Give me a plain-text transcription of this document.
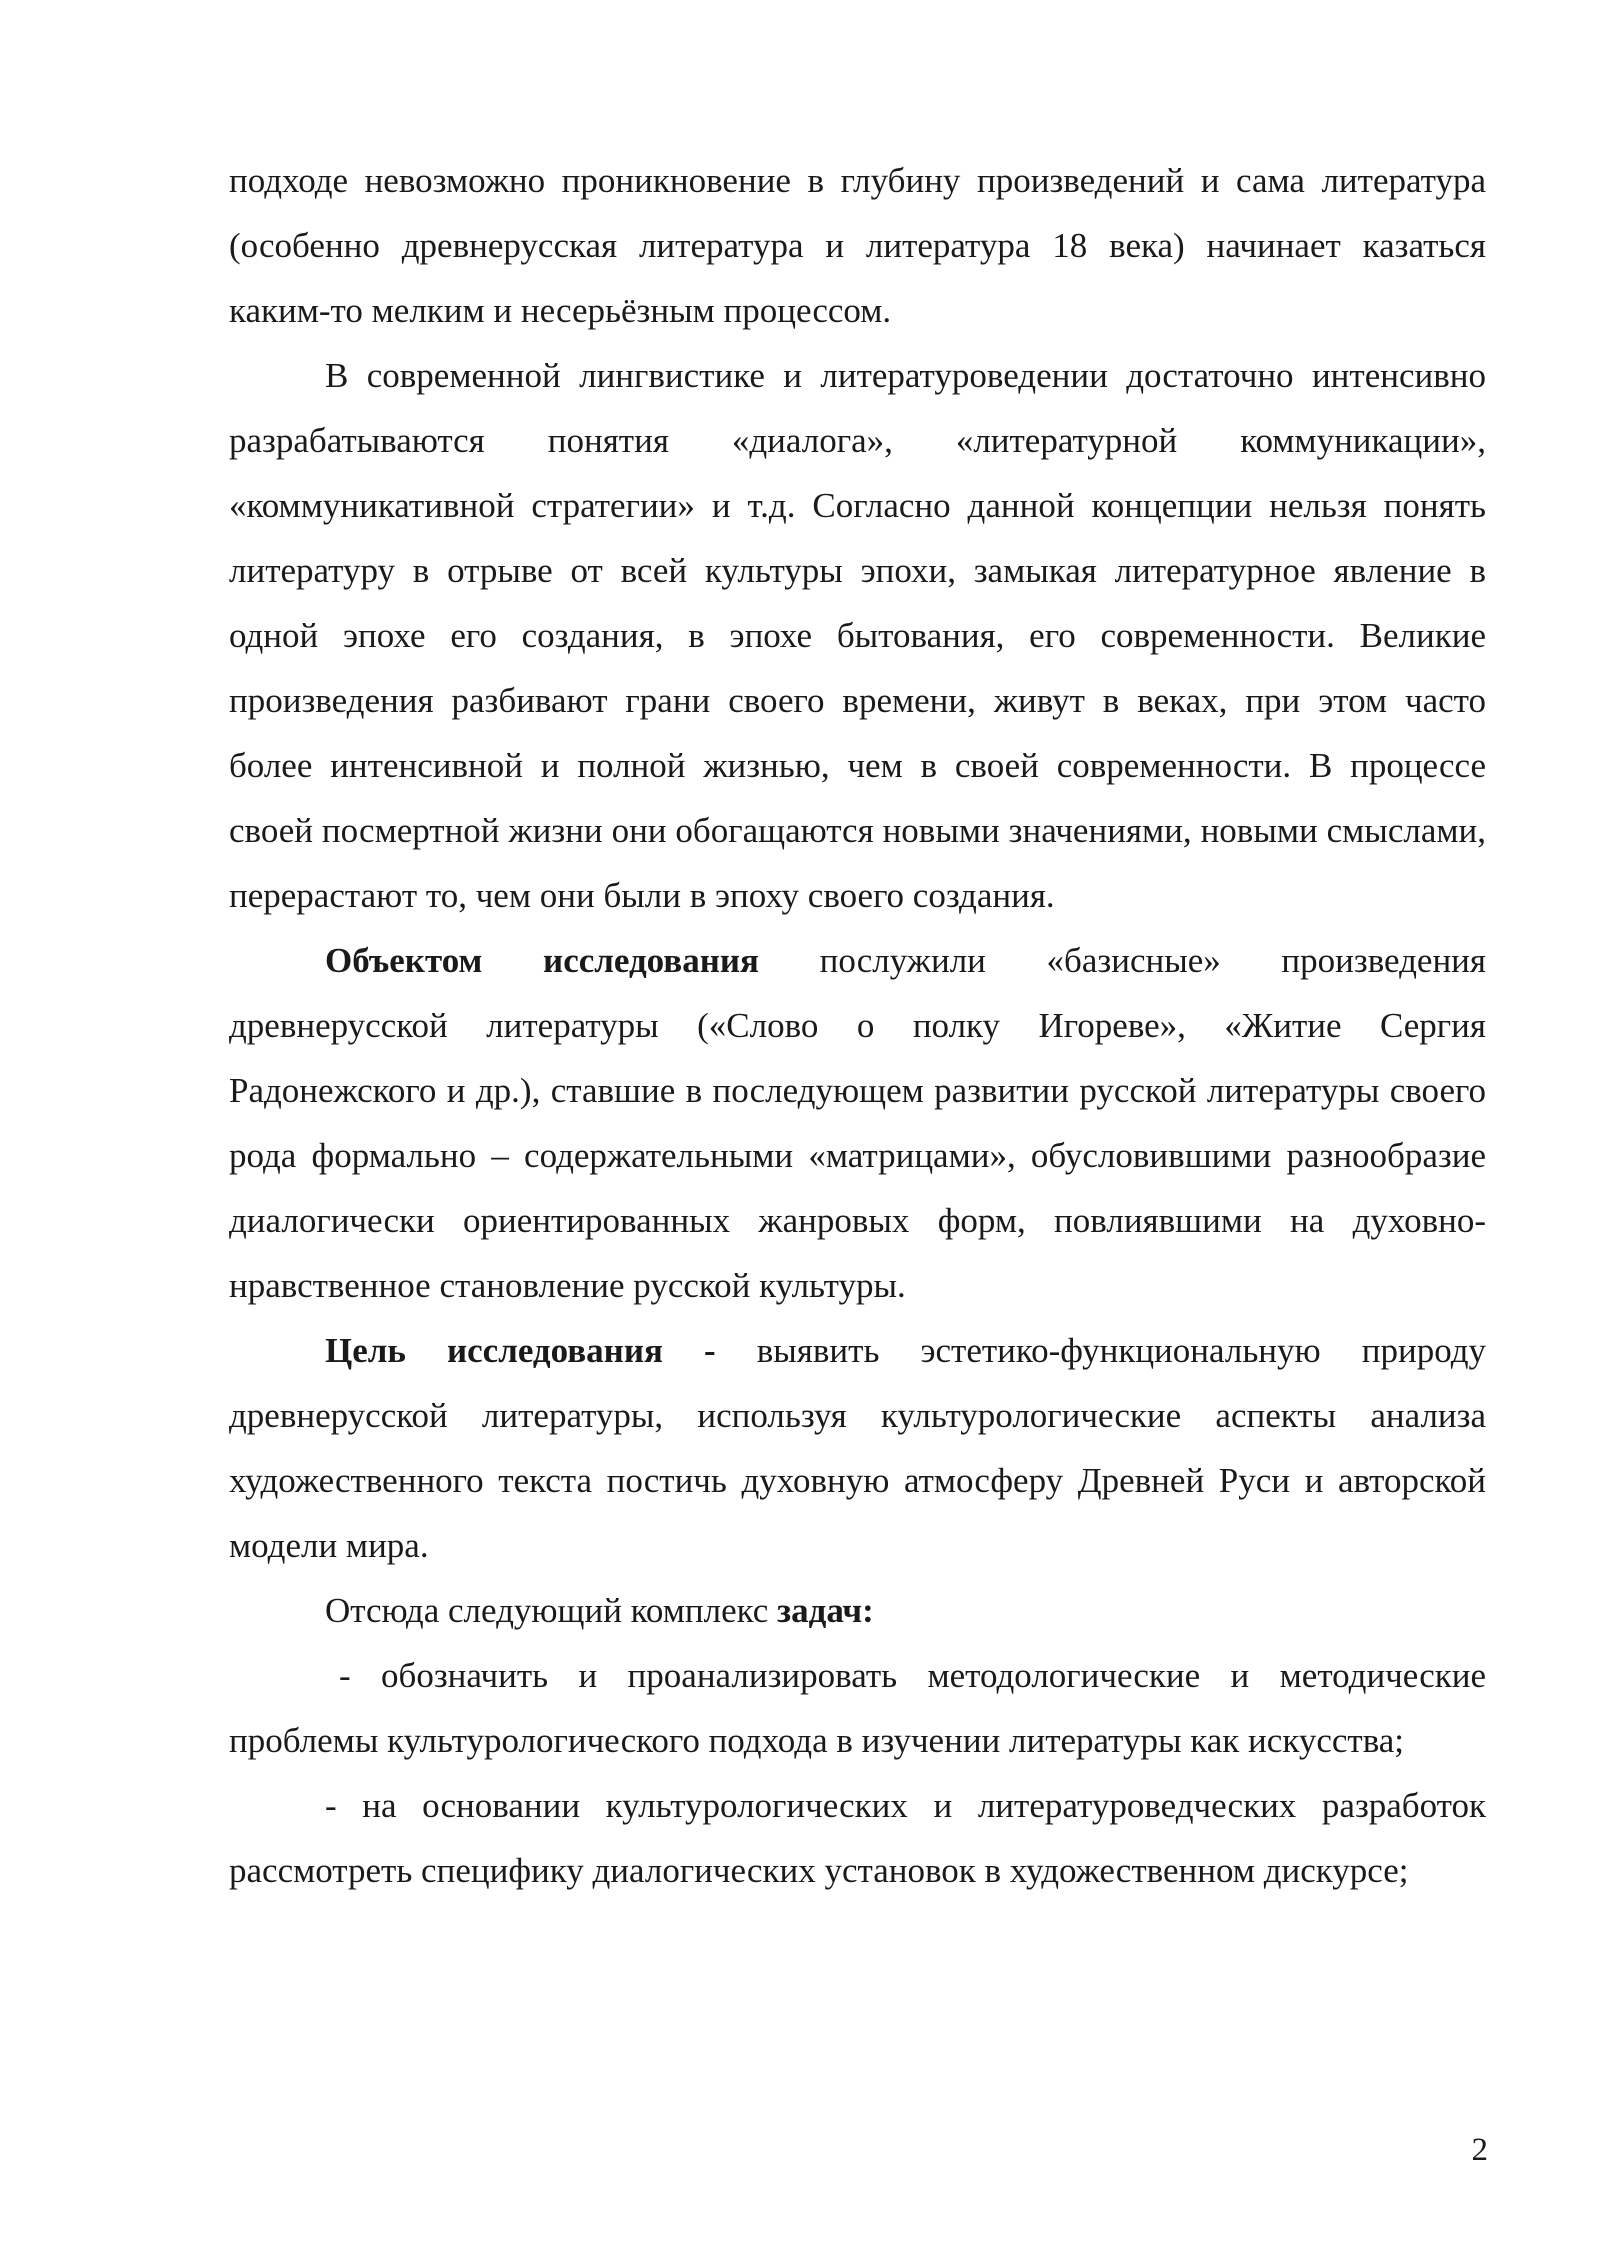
подходе невозможно проникновение в глубину произведений и сама литература (особенно древнерусская литература и литература 18 века) начинает казаться каким-то мелким и несерьёзным процессом.

В современной лингвистике и литературоведении достаточно интенсивно разрабатываются понятия «диалога», «литературной коммуникации», «коммуникативной стратегии» и т.д. Согласно данной концепции нельзя понять литературу в отрыве от всей культуры эпохи, замыкая литературное явление в одной эпохе его создания, в эпохе бытования, его современности. Великие произведения разбивают грани своего времени, живут в веках, при этом часто более интенсивной и полной жизнью, чем в своей современности. В процессе своей посмертной жизни они обогащаются новыми значениями, новыми смыслами, перерастают то, чем они были в эпоху своего создания.

Объектом исследования послужили «базисные» произведения древнерусской литературы («Слово о полку Игореве», «Житие Сергия Радонежского и др.), ставшие в последующем развитии русской литературы своего рода формально – содержательными «матрицами», обусловившими разнообразие диалогически ориентированных жанровых форм, повлиявшими на духовно-нравственное становление русской культуры.

Цель исследования - выявить эстетико-функциональную природу древнерусской литературы, используя культурологические аспекты анализа художественного текста постичь духовную атмосферу Древней Руси и авторской модели мира.

Отсюда следующий комплекс задач:

- обозначить и проанализировать методологические и методические проблемы культурологического подхода в изучении литературы как искусства;

- на основании культурологических и литературоведческих разработок рассмотреть специфику диалогических установок в художественном дискурсе;

2
